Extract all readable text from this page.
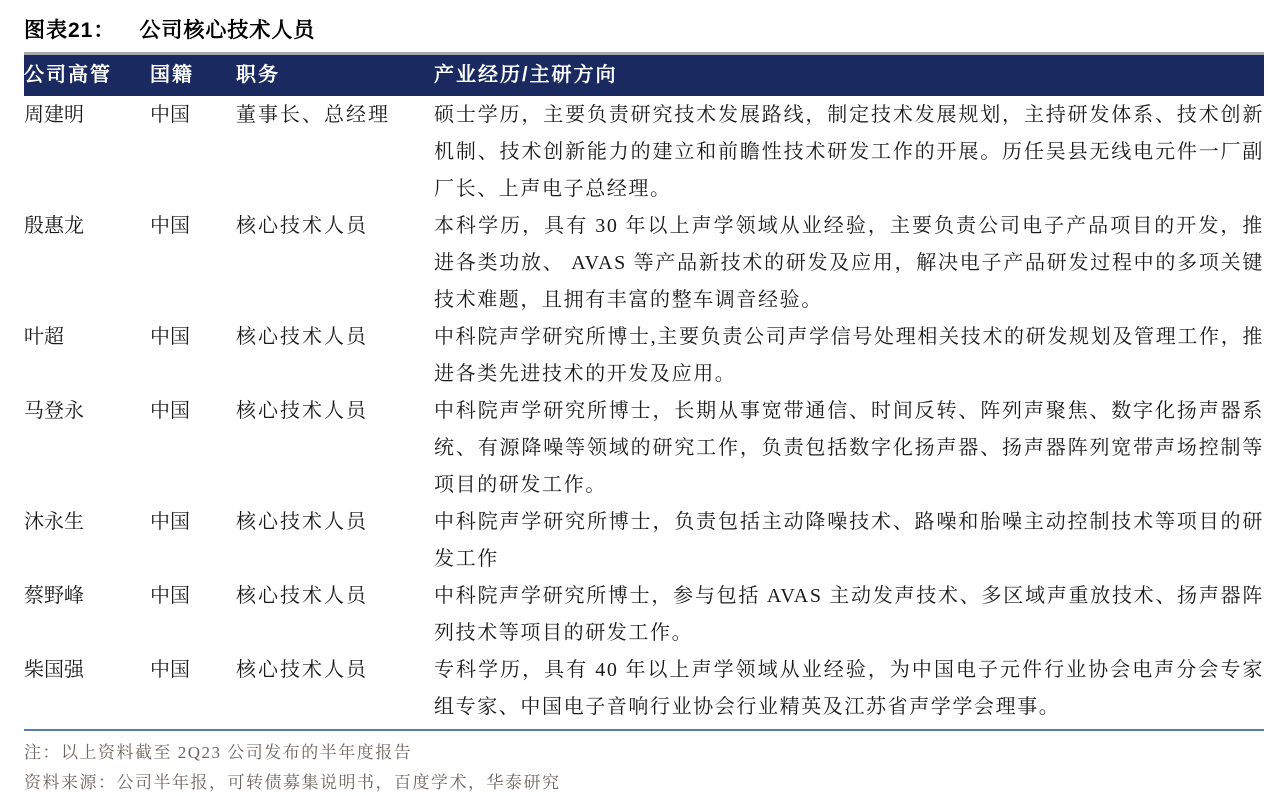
图表21： 公司核心技术人员
公司高管	国籍	职务	产业经历/主研方向
周建明	中国	董事长、总经理	硕士学历，主要负责研究技术发展路线，制定技术发展规划，主持研发体系、技术创新机制、技术创新能力的建立和前瞻性技术研发工作的开展。历任吴县无线电元件一厂副厂长、上声电子总经理。
殷惠龙	中国	核心技术人员	本科学历，具有 30 年以上声学领域从业经验，主要负责公司电子产品项目的开发，推进各类功放、 AVAS 等产品新技术的研发及应用，解决电子产品研发过程中的多项关键技术难题，且拥有丰富的整车调音经验。
叶超	中国	核心技术人员	中科院声学研究所博士,主要负责公司声学信号处理相关技术的研发规划及管理工作，推进各类先进技术的开发及应用。
马登永	中国	核心技术人员	中科院声学研究所博士，长期从事宽带通信、时间反转、阵列声聚焦、数字化扬声器系统、有源降噪等领域的研究工作，负责包括数字化扬声器、扬声器阵列宽带声场控制等项目的研发工作。
沐永生	中国	核心技术人员	中科院声学研究所博士，负责包括主动降噪技术、路噪和胎噪主动控制技术等项目的研发工作
蔡野峰	中国	核心技术人员	中科院声学研究所博士，参与包括 AVAS 主动发声技术、多区域声重放技术、扬声器阵列技术等项目的研发工作。
柴国强	中国	核心技术人员	专科学历，具有 40 年以上声学领域从业经验，为中国电子元件行业协会电声分会专家组专家、中国电子音响行业协会行业精英及江苏省声学学会理事。
注：以上资料截至 2Q23 公司发布的半年度报告
资料来源：公司半年报，可转债募集说明书，百度学术，华泰研究
